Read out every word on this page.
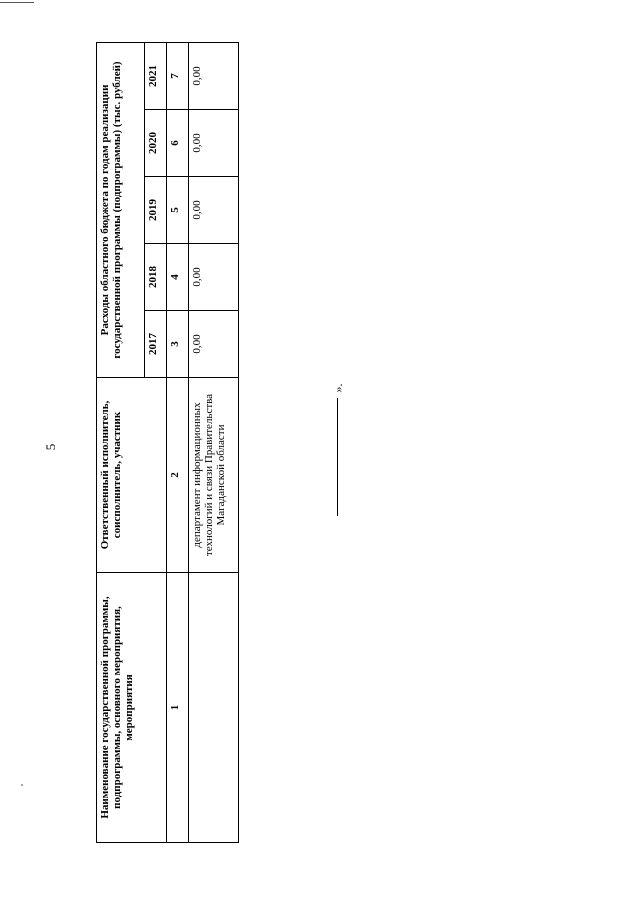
5
Наименование государственной программы, подпрограммы, основного мероприятия, мероприятия	Ответственный исполнитель, соисполнитель, участник	Расходы областного бюджета по годам реализации государственной программы (подпрограммы) (тыс. рублей)				
		2017	2018	2019	2020	2021
1	2	3	4	5	6	7
	департамент информационных технологий и связи Правительства Магаданской области	0,00	0,00	0,00	0,00	0,00
».
